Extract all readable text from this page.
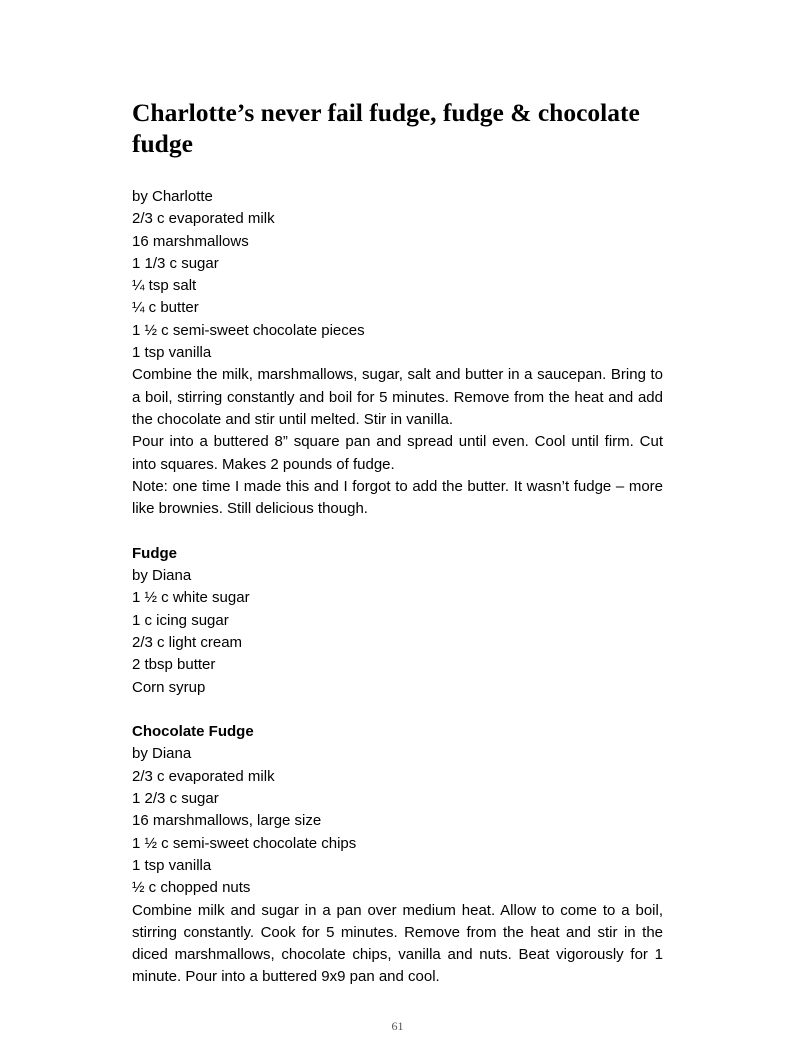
Charlotte’s never fail fudge, fudge & chocolate fudge

by Charlotte

2/3 c evaporated milk

16 marshmallows

1 1/3 c sugar

¼ tsp salt

¼ c butter

1 ½ c semi-sweet chocolate pieces

1 tsp vanilla

Combine the milk, marshmallows, sugar, salt and butter in a saucepan. Bring to a boil, stirring constantly and boil for 5 minutes. Remove from the heat and add the chocolate and stir until melted. Stir in vanilla.

Pour into a buttered 8” square pan and spread until even. Cool until firm. Cut into squares. Makes 2 pounds of fudge.

Note: one time I made this and I forgot to add the butter. It wasn’t fudge – more like brownies. Still delicious though.

Fudge

by Diana

1 ½ c white sugar

1 c icing sugar

2/3 c light cream

2 tbsp butter

Corn syrup

Chocolate Fudge

by Diana

2/3 c evaporated milk

1 2/3 c sugar

16 marshmallows, large size

1 ½ c semi-sweet chocolate chips

1 tsp vanilla

½ c chopped nuts

Combine milk and sugar in a pan over medium heat. Allow to come to a boil, stirring constantly. Cook for 5 minutes. Remove from the heat and stir in the diced marshmallows, chocolate chips, vanilla and nuts. Beat vigorously for 1 minute. Pour into a buttered 9x9 pan and cool.

61
